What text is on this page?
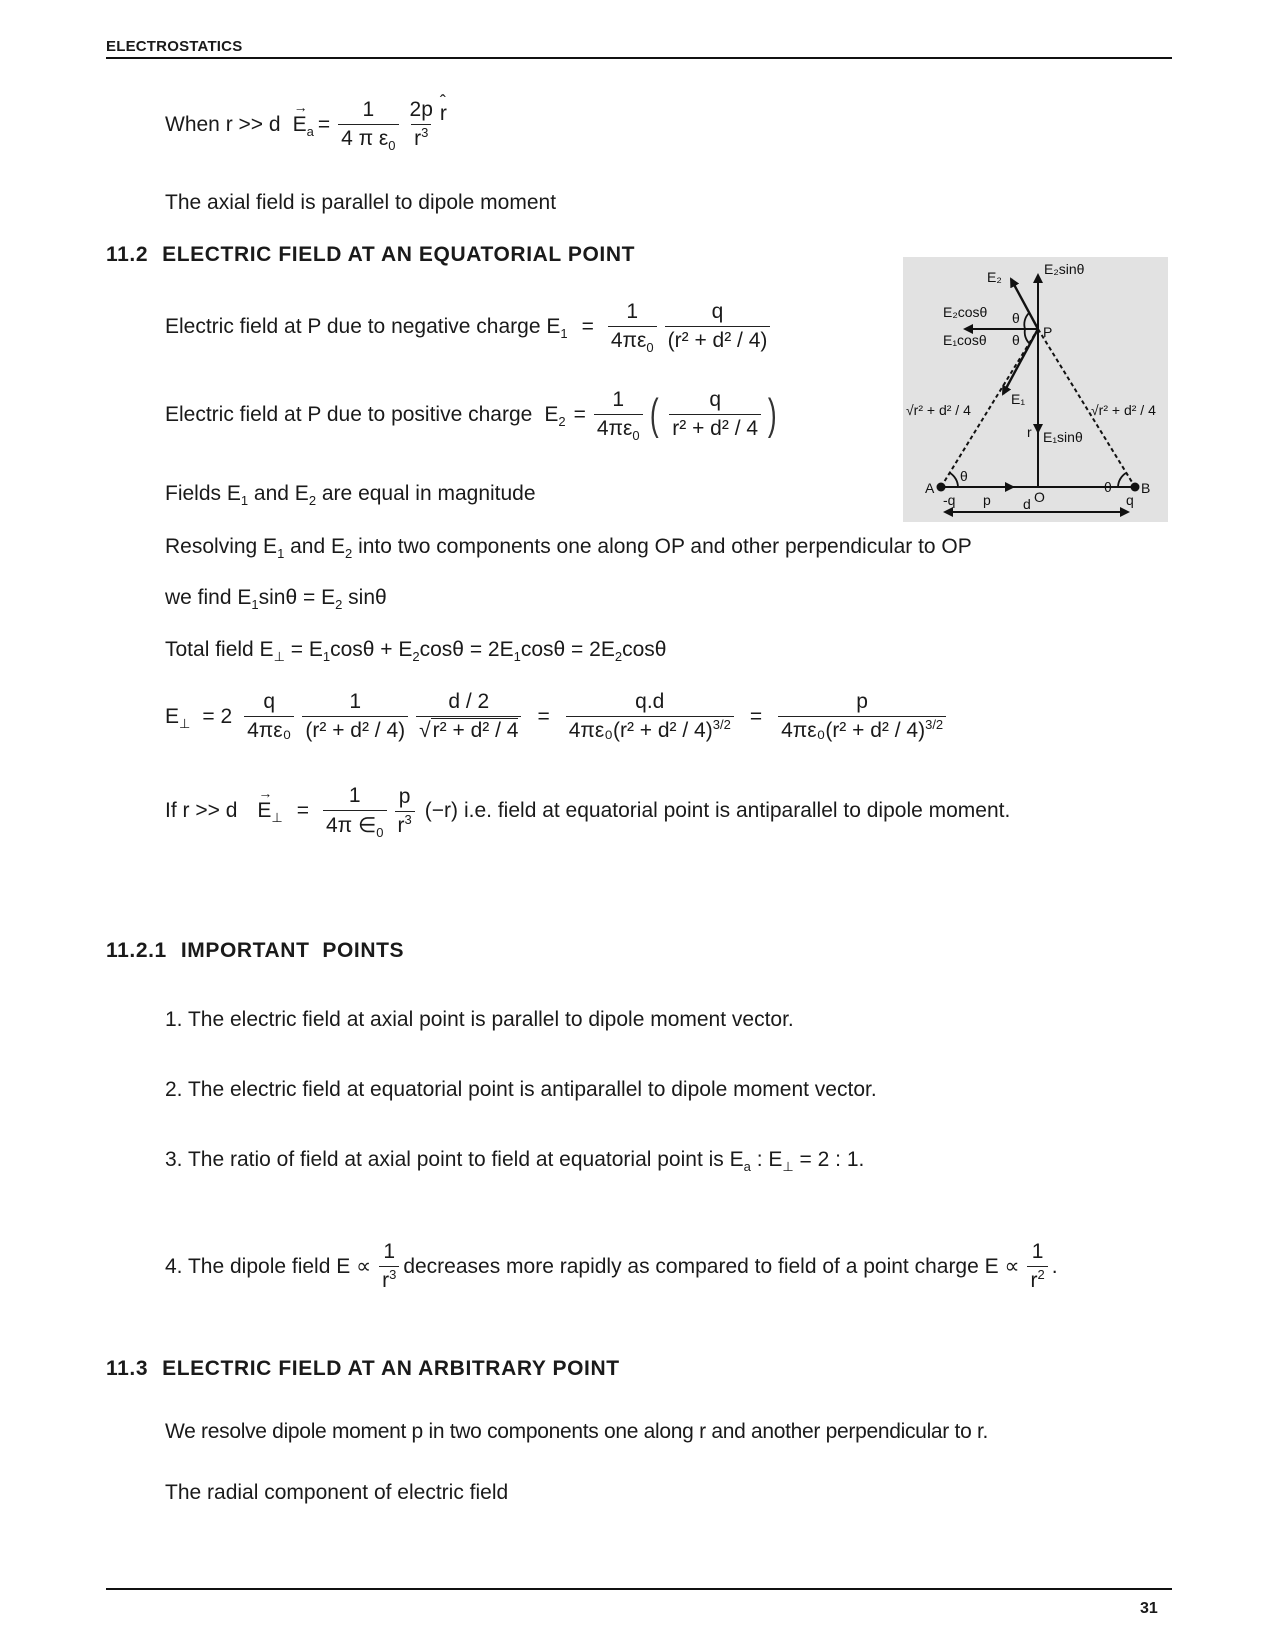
ELECTROSTATICS
When $r >> d \to E_a = \frac{1}{4 \pi \varepsilon_0} \frac{2p}{r^3}$ ˆ r
The axial field is parallel to dipole moment
11.2 ELECTRIC FIELD AT AN EQUATORIAL POINT
Electric field at P due to negative charge $E_1 = \frac{1}{4\pi\varepsilon_0} \frac{q}{\text{(r² + d² / 4)}}$
Electric field at P due to positive charge $E_2 = \frac{1}{4\pi\varepsilon_0}$ ( $\frac{q}{\text{r² + d² / 4}}$ )
Fields $E_1$ and $E_2$ are equal in magnitude
Resolving $E_1$ and $E_2$ into two components one along OP and other perpendicular to OP
we find $E_1\sin\theta = E_2$ sinθ
Total field $E_\perp = E_1\cos\theta + E_2\cos\theta = 2E_1\cos\theta = 2E_2\cos\theta$
$E_\perp = 2 \frac{q}{\text{4πε₀}} \frac{1}{\text{(r² + d² / 4)}} \frac{d / 2}{\text{√r² + d² / 4}} = \frac{q.d}{4\pi\varepsilon_0(r^2 + d^2 / 4)^{3/2}} = \frac{p}{4\pi\varepsilon_0(r^2 + d^2 / 4)^{3/2}}$
If $r >> d \to E_\perp = \frac{1}{4\pi \in_0} \frac{p}{r^3} (-r)$ i.e. field at equatorial point is antiparallel to dipole moment.
E₂	E₂sinθ
E₂cosθ
E₁cosθ
θ
θ P
E₁
√r² + d² / 4	√r² + d² / 4
r E₁sinθ
θ
θ
A	B
-q p d O	q
11.2.1 IMPORTANT  POINTS
1. The electric field at axial point is parallel to dipole moment vector.
2. The electric field at equatorial point is antiparallel to dipole moment vector.
3. The ratio of field at axial point to field at equatorial point is $E_a$ : $E_\perp = 2$ : 1.
4. The dipole field $E \propto \frac{1}{r^3}$ decreases more rapidly as compared to field of a point charge $E \propto \frac{1}{r^2}$ .
11.3 ELECTRIC FIELD AT AN ARBITRARY POINT
We resolve dipole moment p in two components one along r and another perpendicular to r.
The radial component of electric field
31
